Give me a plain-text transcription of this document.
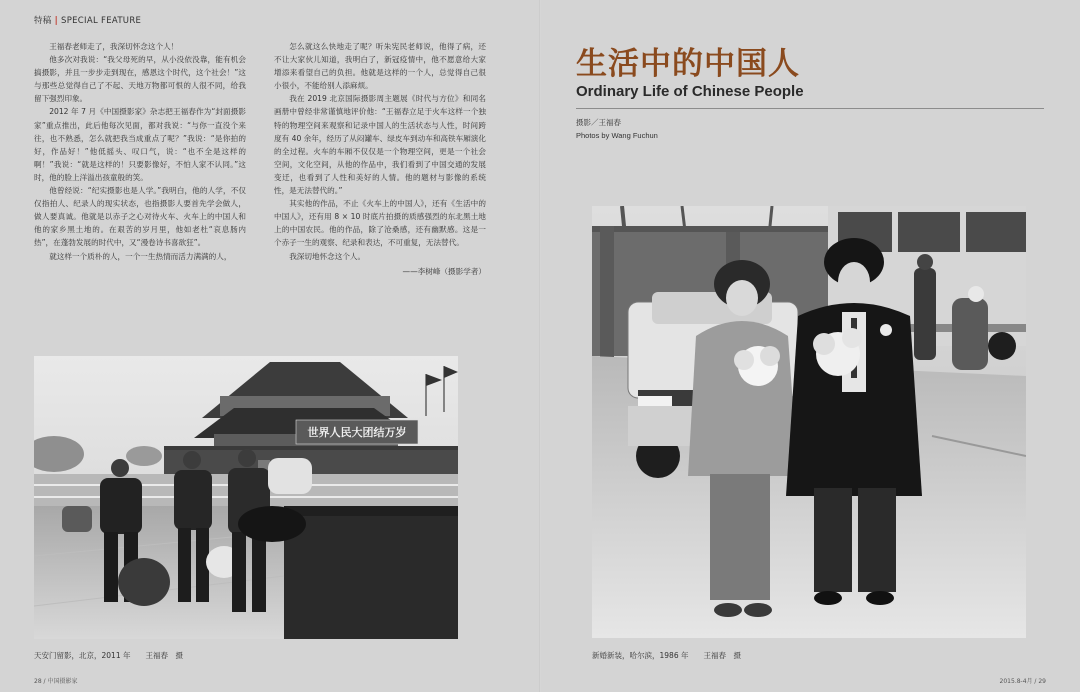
特稿 | SPECIAL FEATURE

王福春老师走了，我深切怀念这个人！

他多次对我说：“我父母死的早，从小没依没靠，能有机会搞摄影，并且一步步走到现在，感恩这个时代，这个社会！”这与那些总觉得自己了不起、天地万物都可恨的人很不同，给我留下强烈印象。

2012 年 7 月《中国摄影家》杂志把王福春作为“封面摄影家”重点推出，此后他每次见面，都对我说：“与你一直没个来往，也不熟悉，怎么就把我当成重点了呢？”我说：“是你拍的好，作品好！”他低摇头、叹口气，说：“也不全是这样的啊！”我说：“就是这样的！只要影像好，不怕人家不认同。”这时，他的脸上洋溢出孩童般的笑。

他曾经说：“纪实摄影也是人学。”我明白，他的人学，不仅仅指拍人、纪录人的现实状态，也指摄影人要首先学会做人，做人要真诚。他就是以赤子之心对待火车、火车上的中国人和他的家乡黑土地的。在艰苦的岁月里，他如老杜“哀息肠内热”，在蓬勃发展的时代中，又“漫卷诗书喜欲狂”。

就这样一个质朴的人，一个一生热情而活力满满的人，

怎么就这么快地走了呢？听朱宪民老师说，他得了病，还不让大家伙儿知道，我明白了，新冠疫情中，他不愿意给大家增添来看望自己的负担。他就是这样的一个人，总觉得自己很小很小，不能给别人添麻烦。

我在 2019 北京国际摄影周主题展《时代与方位》和同名画册中曾经非常谨慎地评价他：“王福春立足于火车这样一个独特的物理空间来观察和记录中国人的生活状态与人性，时间跨度有 40 余年，经历了从闷罐车、绿皮车到动车和高铁车厢演化的全过程。火车的车厢不仅仅是一个物理空间，更是一个社会空间，文化空间，从他的作品中，我们看到了中国交通的发展变迁，也看到了人性和美好的人情。他的题材与影像的系统性，是无法替代的。”

其实他的作品，不止《火车上的中国人》，还有《生活中的中国人》，还有用 8 × 10 时底片拍摄的质感强烈的东北黑土地上的中国农民。他的作品，除了沧桑感，还有幽默感。这是一个赤子一生的观察、纪录和表达，不可重复，无法替代。

我深切地怀念这个人。

——李树峰（摄影学者）

世界人民大团结万岁
天安门留影，北京，2011 年　　王福春　摄
28 / 中国摄影家
生活中的中国人
Ordinary Life of Chinese People
摄影／王福春
Photos by Wang Fuchun
新婚新装，哈尔滨，1986 年　　王福春　摄
2015.8-4月 / 29
